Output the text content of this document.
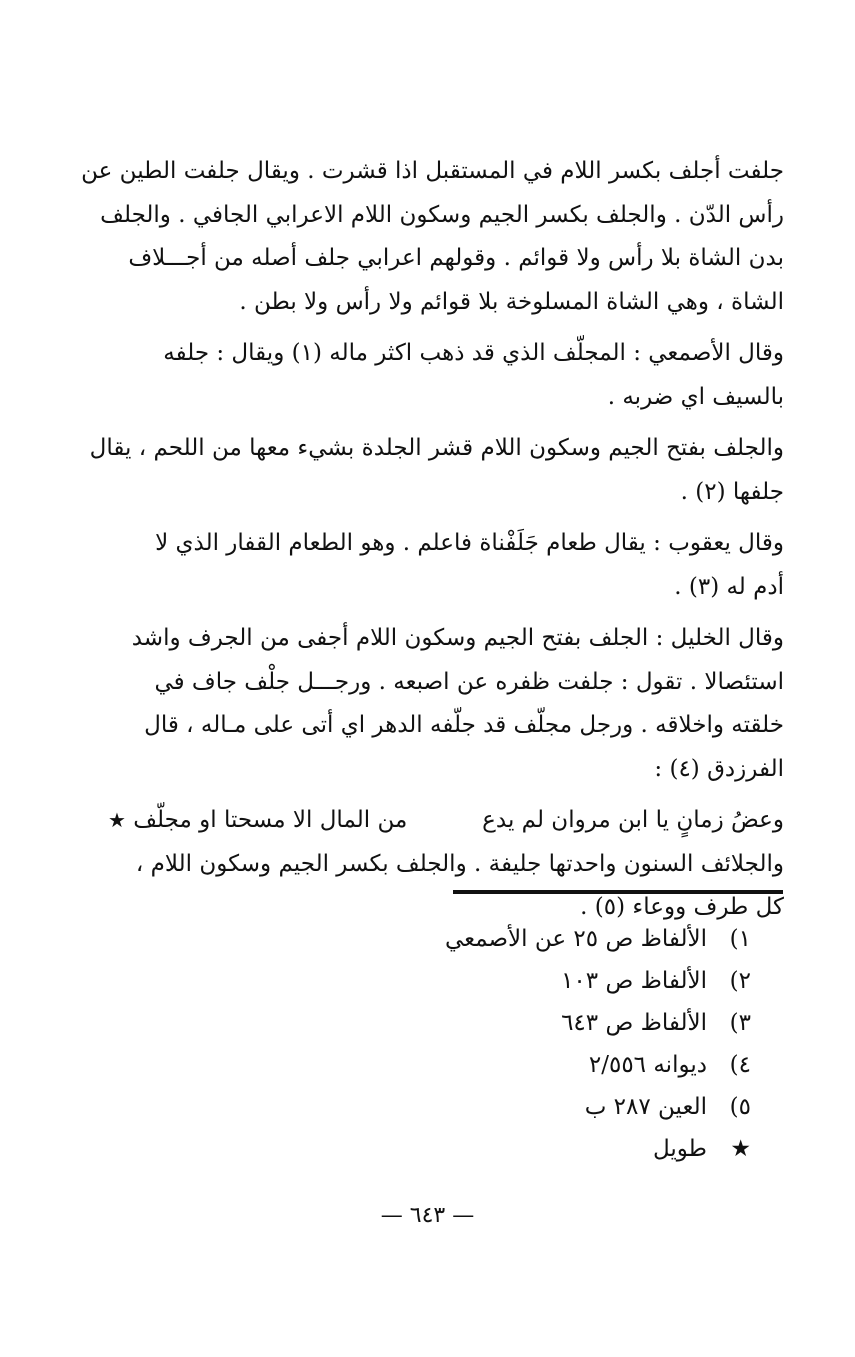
جلفت أجلف بكسر اللام في المستقبل اذا قشرت . ويقال جلفت الطين عن
رأس الدّن . والجلف بكسر الجيم وسكون اللام الاعرابي الجافي . والجلف
بدن الشاة بلا رأس ولا قوائم . وقولهم اعرابي جلف أصله من أجـــلاف
الشاة ، وهي الشاة المسلوخة بلا قوائم ولا رأس ولا بطن .

وقال الأصمعي : المجلّف الذي قد ذهب اكثر ماله (١) ويقال : جلفه
بالسيف اي ضربه .

والجلف بفتح الجيم وسكون اللام قشر الجلدة بشيء معها من اللحم ، يقال
جلفها (٢) .

وقال يعقوب : يقال طعام جَلَفْناة فاعلم . وهو الطعام القفار الذي لا
أدم له (٣) .

وقال الخليل : الجلف بفتح الجيم وسكون اللام أجفى من الجرف واشد
استئصالا . تقول : جلفت ظفره عن اصبعه . ورجـــل جلْف جاف في
خلقته واخلاقه . ورجل مجلّف قد جلّفه الدهر اي أتى على مـاله ، قال
الفرزدق (٤) :

وعضُ زمانٍ يا ابن مروان لم يدع
من المال الا مسحتا او مجلّف ★

والجلائف السنون واحدتها جليفة . والجلف بكسر الجيم وسكون اللام ،
كل طرف ووعاء (٥) .

١)
الألفاظ ص ٢٥ عن الأصمعي
٢)
الألفاظ ص ١٠٣
٣)
الألفاظ ص ٦٤٣
٤)
ديوانه ٢/٥٥٦
٥)
العين ٢٨٧ ب
★
طويل
— ٦٤٣ —
